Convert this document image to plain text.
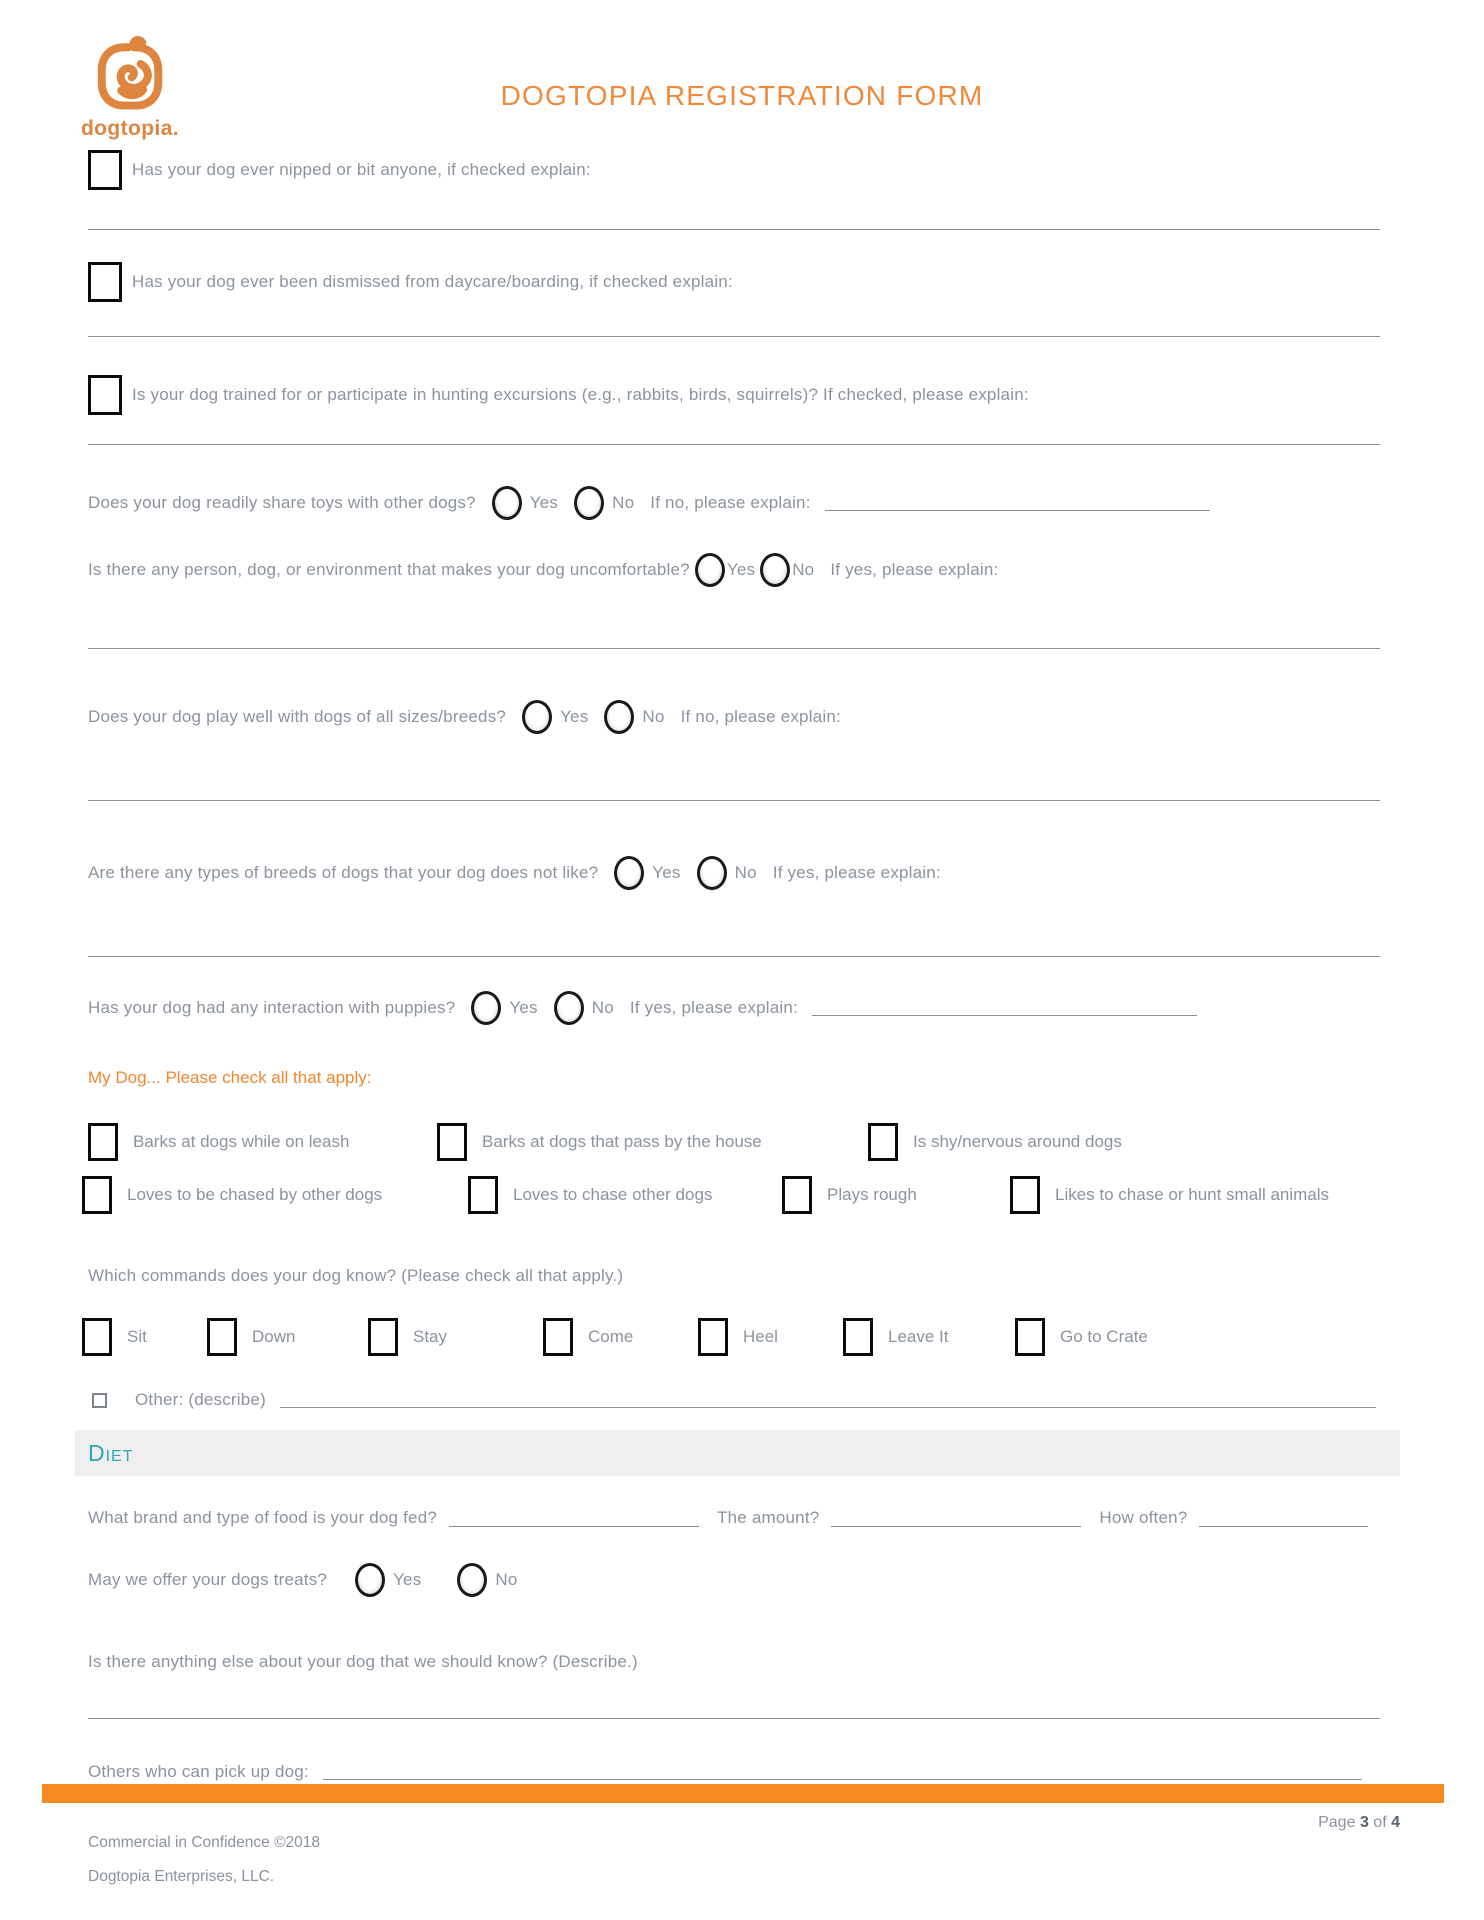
dogtopia.
DOGTOPIA REGISTRATION FORM
Has your dog ever nipped or bit anyone, if checked explain:
Has your dog ever been dismissed from daycare/boarding, if checked explain:
Is your dog trained for or participate in hunting excursions (e.g., rabbits, birds, squirrels)? If checked, please explain:
Does your dog readily share toys with other dogs?	Yes	No If no, please explain:
Is there any person, dog, or environment that makes your dog uncomfortable? Yes No If yes, please explain:
Does your dog play well with dogs of all sizes/breeds?	Yes	No If no, please explain:
Are there any types of breeds of dogs that your dog does not like?	Yes	No If yes, please explain:
Has your dog had any interaction with puppies?	Yes	No If yes, please explain:
My Dog... Please check all that apply:
Barks at dogs while on leash	Barks at dogs that pass by the house	Is shy/nervous around dogs
Loves to be chased by other dogs	Loves to chase other dogs	Plays rough	Likes to chase or hunt small animals
Which commands does your dog know? (Please check all that apply.)
Sit	Down	Stay	Come	Heel	Leave It	Go to Crate
Other: (describe)
Diet
What brand and type of food is your dog fed?	The amount?	How often?
May we offer your dogs treats?	Yes	No
Is there anything else about your dog that we should know? (Describe.)
Others who can pick up dog:
Commercial in Confidence ©2018
Dogtopia Enterprises, LLC.
Page 3 of 4
